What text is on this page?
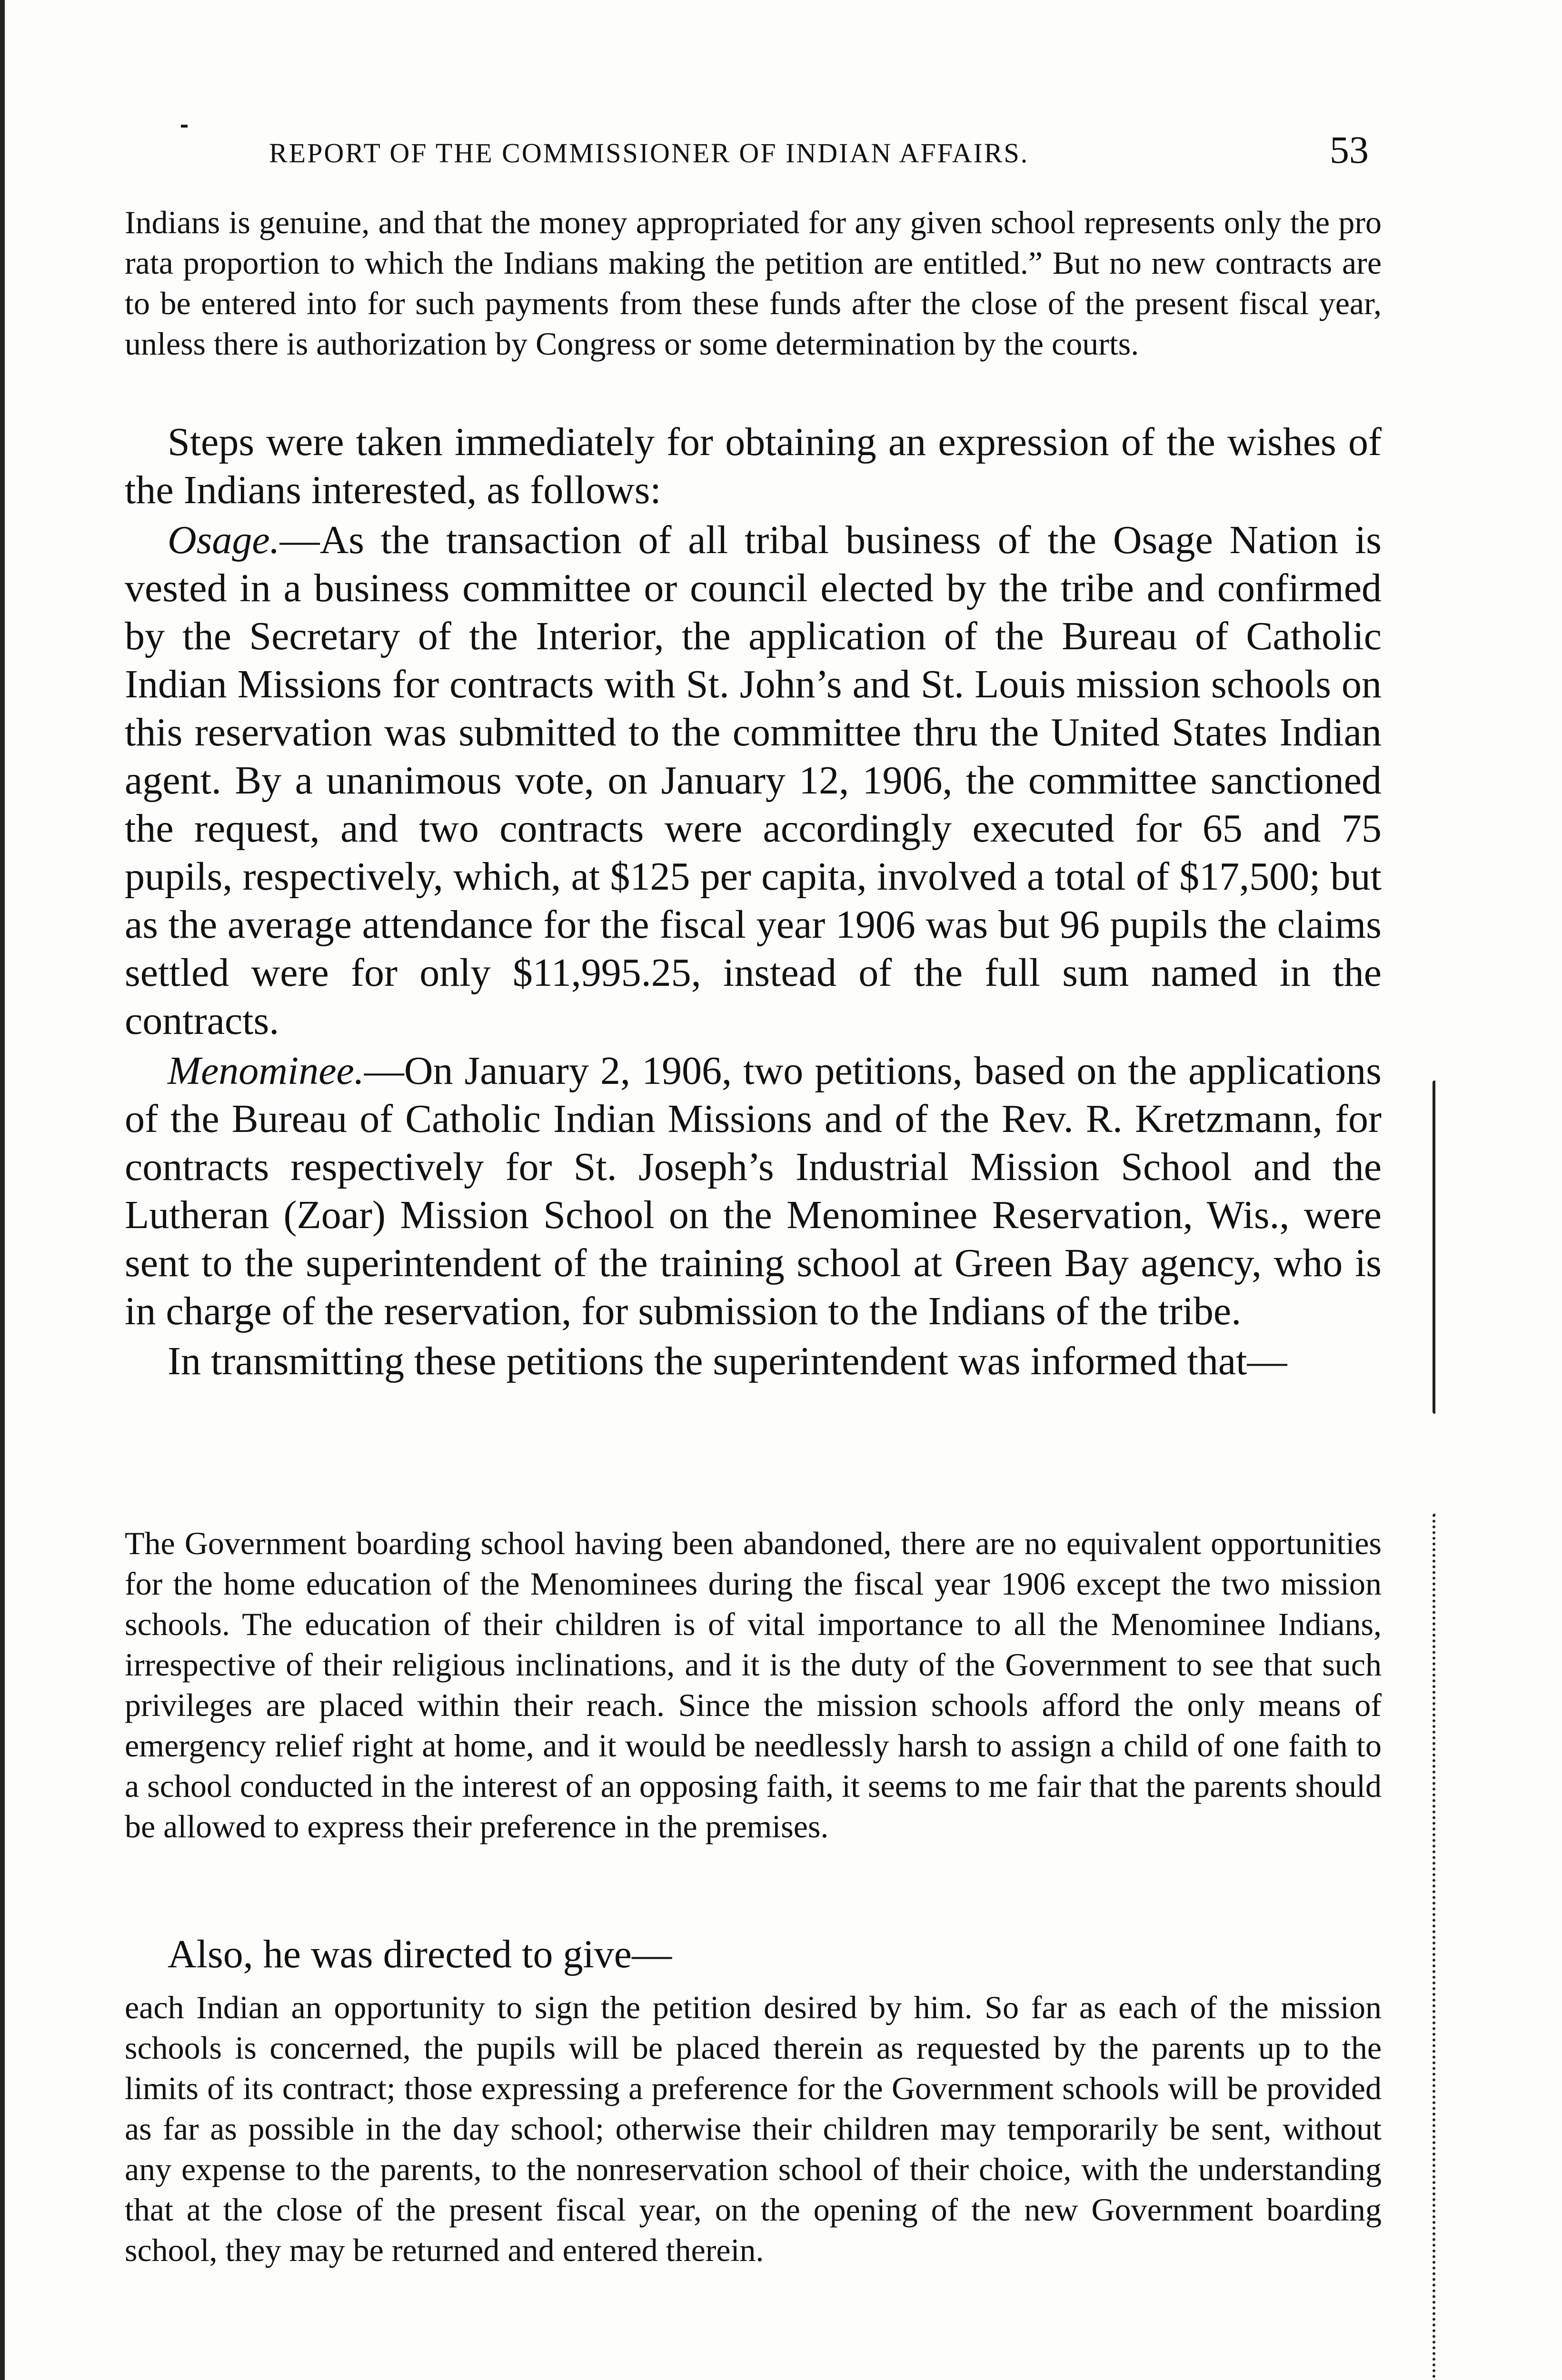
REPORT OF THE COMMISSIONER OF INDIAN AFFAIRS.	53

Indians is genuine, and that the money appropriated for any given school represents only the pro rata proportion to which the Indians making the petition are entitled.” But no new contracts are to be entered into for such payments from these funds after the close of the present fiscal year, unless there is authorization by Congress or some determination by the courts.

Steps were taken immediately for obtaining an expression of the wishes of the Indians interested, as follows:

Osage.—As the transaction of all tribal business of the Osage Nation is vested in a business committee or council elected by the tribe and confirmed by the Secretary of the Interior, the application of the Bureau of Catholic Indian Missions for contracts with St. John’s and St. Louis mission schools on this reservation was submitted to the committee thru the United States Indian agent. By a unanimous vote, on January 12, 1906, the committee sanctioned the request, and two contracts were accordingly executed for 65 and 75 pupils, respectively, which, at $125 per capita, involved a total of $17,500; but as the average attendance for the fiscal year 1906 was but 96 pupils the claims settled were for only $11,995.25, instead of the full sum named in the contracts.

Menominee.—On January 2, 1906, two petitions, based on the applications of the Bureau of Catholic Indian Missions and of the Rev. R. Kretzmann, for contracts respectively for St. Joseph’s Industrial Mission School and the Lutheran (Zoar) Mission School on the Menominee Reservation, Wis., were sent to the superintendent of the training school at Green Bay agency, who is in charge of the reservation, for submission to the Indians of the tribe.

In transmitting these petitions the superintendent was informed that—

The Government boarding school having been abandoned, there are no equivalent opportunities for the home education of the Menominees during the fiscal year 1906 except the two mission schools. The education of their children is of vital importance to all the Menominee Indians, irrespective of their religious inclinations, and it is the duty of the Government to see that such privileges are placed within their reach. Since the mission schools afford the only means of emergency relief right at home, and it would be needlessly harsh to assign a child of one faith to a school conducted in the interest of an opposing faith, it seems to me fair that the parents should be allowed to express their preference in the premises.

Also, he was directed to give—

each Indian an opportunity to sign the petition desired by him. So far as each of the mission schools is concerned, the pupils will be placed therein as requested by the parents up to the limits of its contract; those expressing a preference for the Government schools will be provided as far as possible in the day school; otherwise their children may temporarily be sent, without any expense to the parents, to the nonreservation school of their choice, with the understanding that at the close of the present fiscal year, on the opening of the new Government boarding school, they may be returned and entered therein.
